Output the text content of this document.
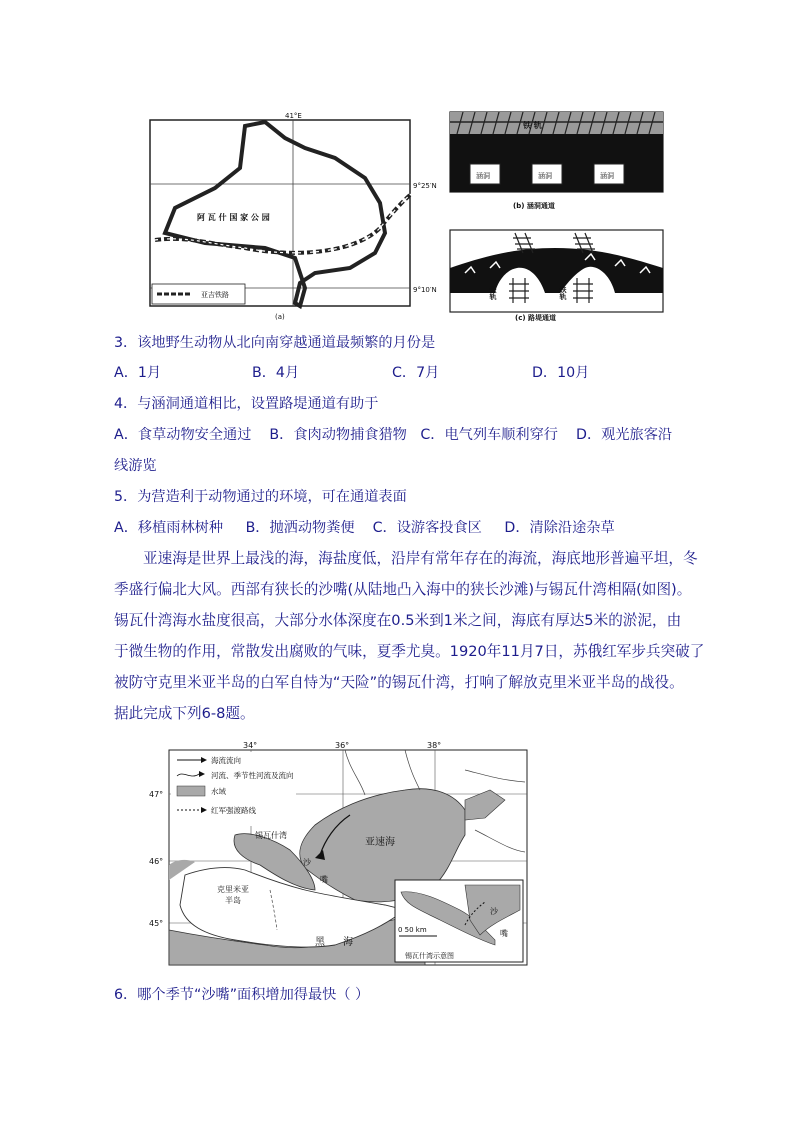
41°E
9°25′N
9°10′N
阿 瓦 什 国 家 公 园
亚吉铁路
(a)
铁 轨
涵洞	涵洞	涵洞
(b) 涵洞通道
铁轨	铁轨
(c) 路堤通道
3．该地野生动物从北向南穿越通道最频繁的月份是
A．1月	B．4月	C．7月	D．10月
4．与涵洞通道相比，设置路堤通道有助于
A．食草动物安全通过    B．食肉动物捕食猎物   C．电气列车顺利穿行    D．观光旅客沿
线游览
5．为营造利于动物通过的环境，可在通道表面
A．移植雨林树种     B．抛洒动物粪便    C．设游客投食区     D．清除沿途杂草
亚速海是世界上最浅的海，海盐度低，沿岸有常年存在的海流，海底地形普遍平坦，冬
季盛行偏北大风。西部有狭长的沙嘴(从陆地凸入海中的狭长沙滩)与锡瓦什湾相隔(如图)。
锡瓦什湾海水盐度很高，大部分水体深度在0.5米到1米之间，海底有厚达5米的淤泥，由
于微生物的作用，常散发出腐败的气味，夏季尤臭。1920年11月7日，苏俄红军步兵突破了
被防守克里米亚半岛的白军自恃为“天险”的锡瓦什湾，打响了解放克里米亚半岛的战役。
据此完成下列6-8题。
34°	36°	38°
47°
46°
45°
海流流向
河流、季节性河流及流向
水域
红军强渡路线
锡瓦什湾
亚速海
沙
嘴
克里米亚
半岛
黑 海
沙
嘴
0 50 km
锡瓦什湾示意图
6．哪个季节“沙嘴”面积增加得最快（ ）
